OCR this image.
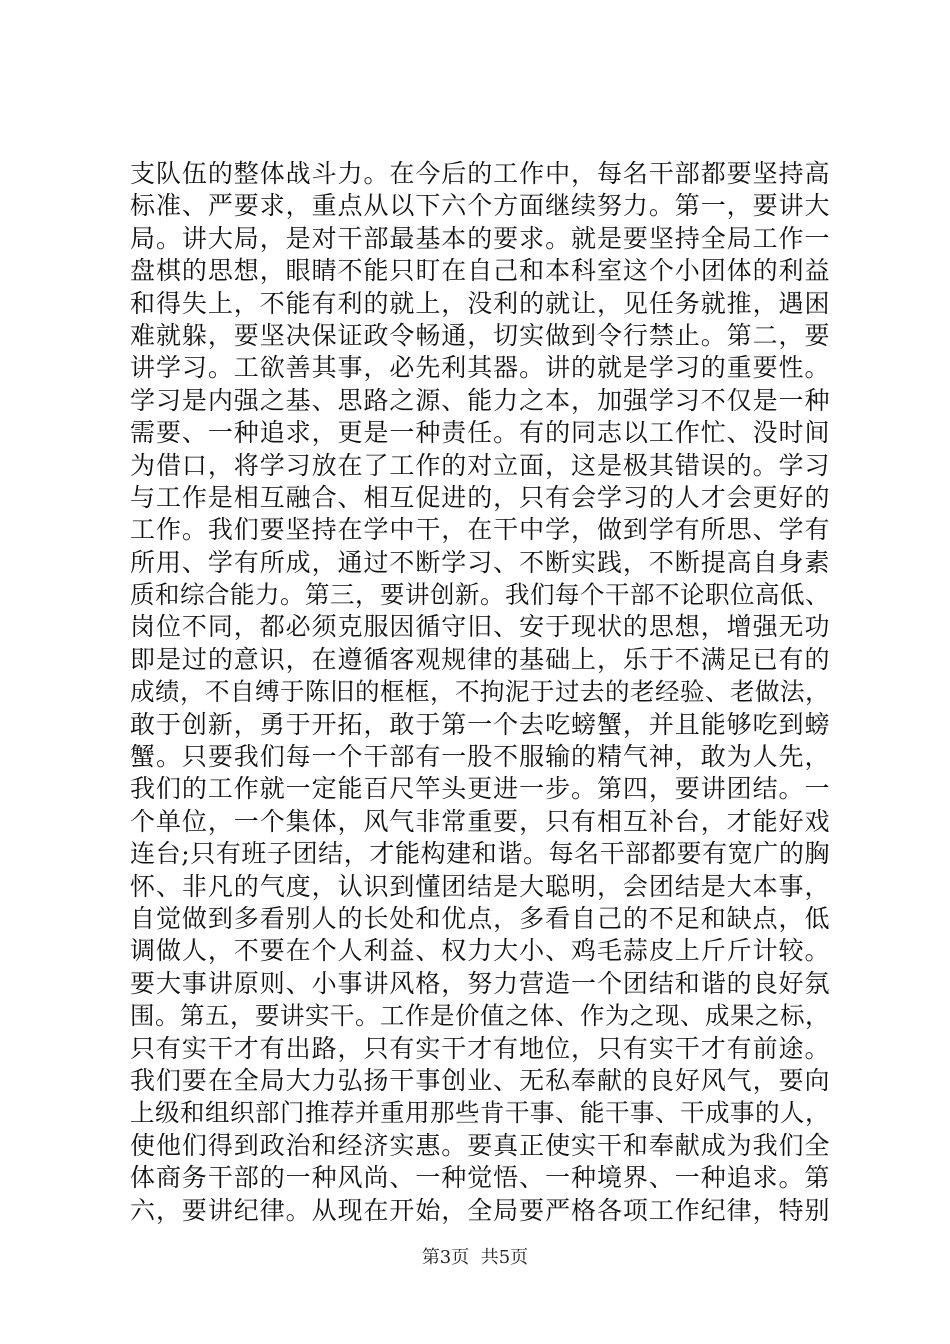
支队伍的整体战斗力。在今后的工作中，每名干部都要坚持高
标准、严要求，重点从以下六个方面继续努力。第一，要讲大
局。讲大局，是对干部最基本的要求。就是要坚持全局工作一
盘棋的思想，眼睛不能只盯在自己和本科室这个小团体的利益
和得失上，不能有利的就上，没利的就让，见任务就推，遇困
难就躲，要坚决保证政令畅通，切实做到令行禁止。第二，要
讲学习。工欲善其事，必先利其器。讲的就是学习的重要性。
学习是内强之基、思路之源、能力之本，加强学习不仅是一种
需要、一种追求，更是一种责任。有的同志以工作忙、没时间
为借口，将学习放在了工作的对立面，这是极其错误的。学习
与工作是相互融合、相互促进的，只有会学习的人才会更好的
工作。我们要坚持在学中干，在干中学，做到学有所思、学有
所用、学有所成，通过不断学习、不断实践，不断提高自身素
质和综合能力。第三，要讲创新。我们每个干部不论职位高低、
岗位不同，都必须克服因循守旧、安于现状的思想，增强无功
即是过的意识，在遵循客观规律的基础上，乐于不满足已有的
成绩，不自缚于陈旧的框框，不拘泥于过去的老经验、老做法，
敢于创新，勇于开拓，敢于第一个去吃螃蟹，并且能够吃到螃
蟹。只要我们每一个干部有一股不服输的精气神，敢为人先，
我们的工作就一定能百尺竿头更进一步。第四，要讲团结。一
个单位，一个集体，风气非常重要，只有相互补台，才能好戏
连台;只有班子团结，才能构建和谐。每名干部都要有宽广的胸
怀、非凡的气度，认识到懂团结是大聪明，会团结是大本事，
自觉做到多看别人的长处和优点，多看自己的不足和缺点，低
调做人，不要在个人利益、权力大小、鸡毛蒜皮上斤斤计较。
要大事讲原则、小事讲风格，努力营造一个团结和谐的良好氛
围。第五，要讲实干。工作是价值之体、作为之现、成果之标，
只有实干才有出路，只有实干才有地位，只有实干才有前途。
我们要在全局大力弘扬干事创业、无私奉献的良好风气，要向
上级和组织部门推荐并重用那些肯干事、能干事、干成事的人，
使他们得到政治和经济实惠。要真正使实干和奉献成为我们全
体商务干部的一种风尚、一种觉悟、一种境界、一种追求。第
六，要讲纪律。从现在开始，全局要严格各项工作纪律，特别
第3页  共5页
